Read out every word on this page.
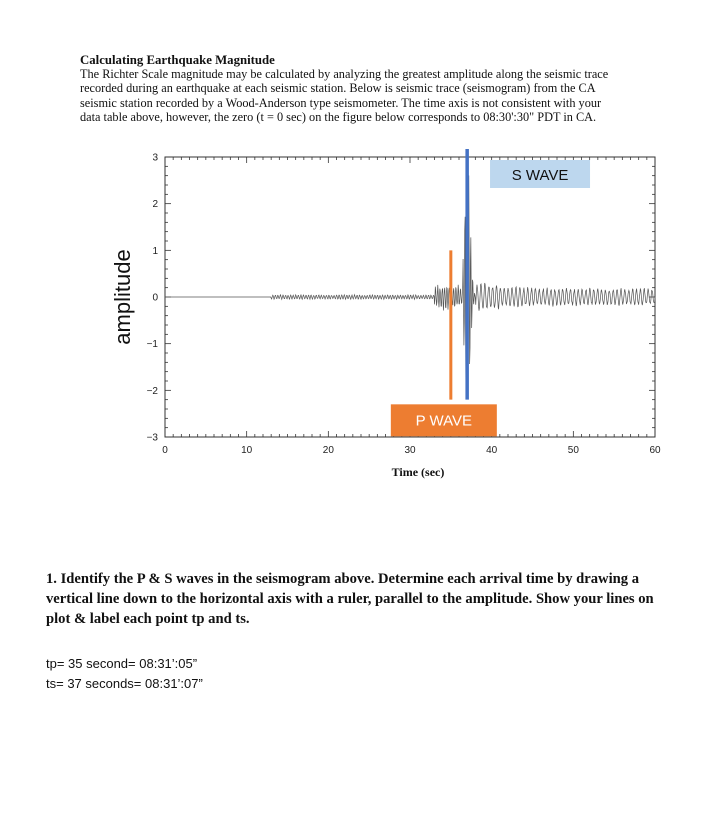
Calculating Earthquake Magnitude
The Richter Scale magnitude may be calculated by analyzing the greatest amplitude along the seismic trace
recorded during an earthquake at each seismic station. Below is seismic trace (seismogram) from the CA
seismic station recorded by a Wood-Anderson type seismometer. The time axis is not consistent with your
data table above, however, the zero (t = 0 sec) on the figure below corresponds to 08:30':30" PDT in CA.
0	10	20	30	40	50	60
3
2
1
0
−1
−2
−3
P WAVE
S WAVE
Time (sec)
amplitude
1. Identify the P & S waves in the seismogram above. Determine each arrival time by drawing a vertical line down to the horizontal axis with a ruler, parallel to the amplitude. Show your lines on plot & label each point tp and ts.
tp= 35 second= 08:31’:05”
ts= 37 seconds= 08:31’:07”
